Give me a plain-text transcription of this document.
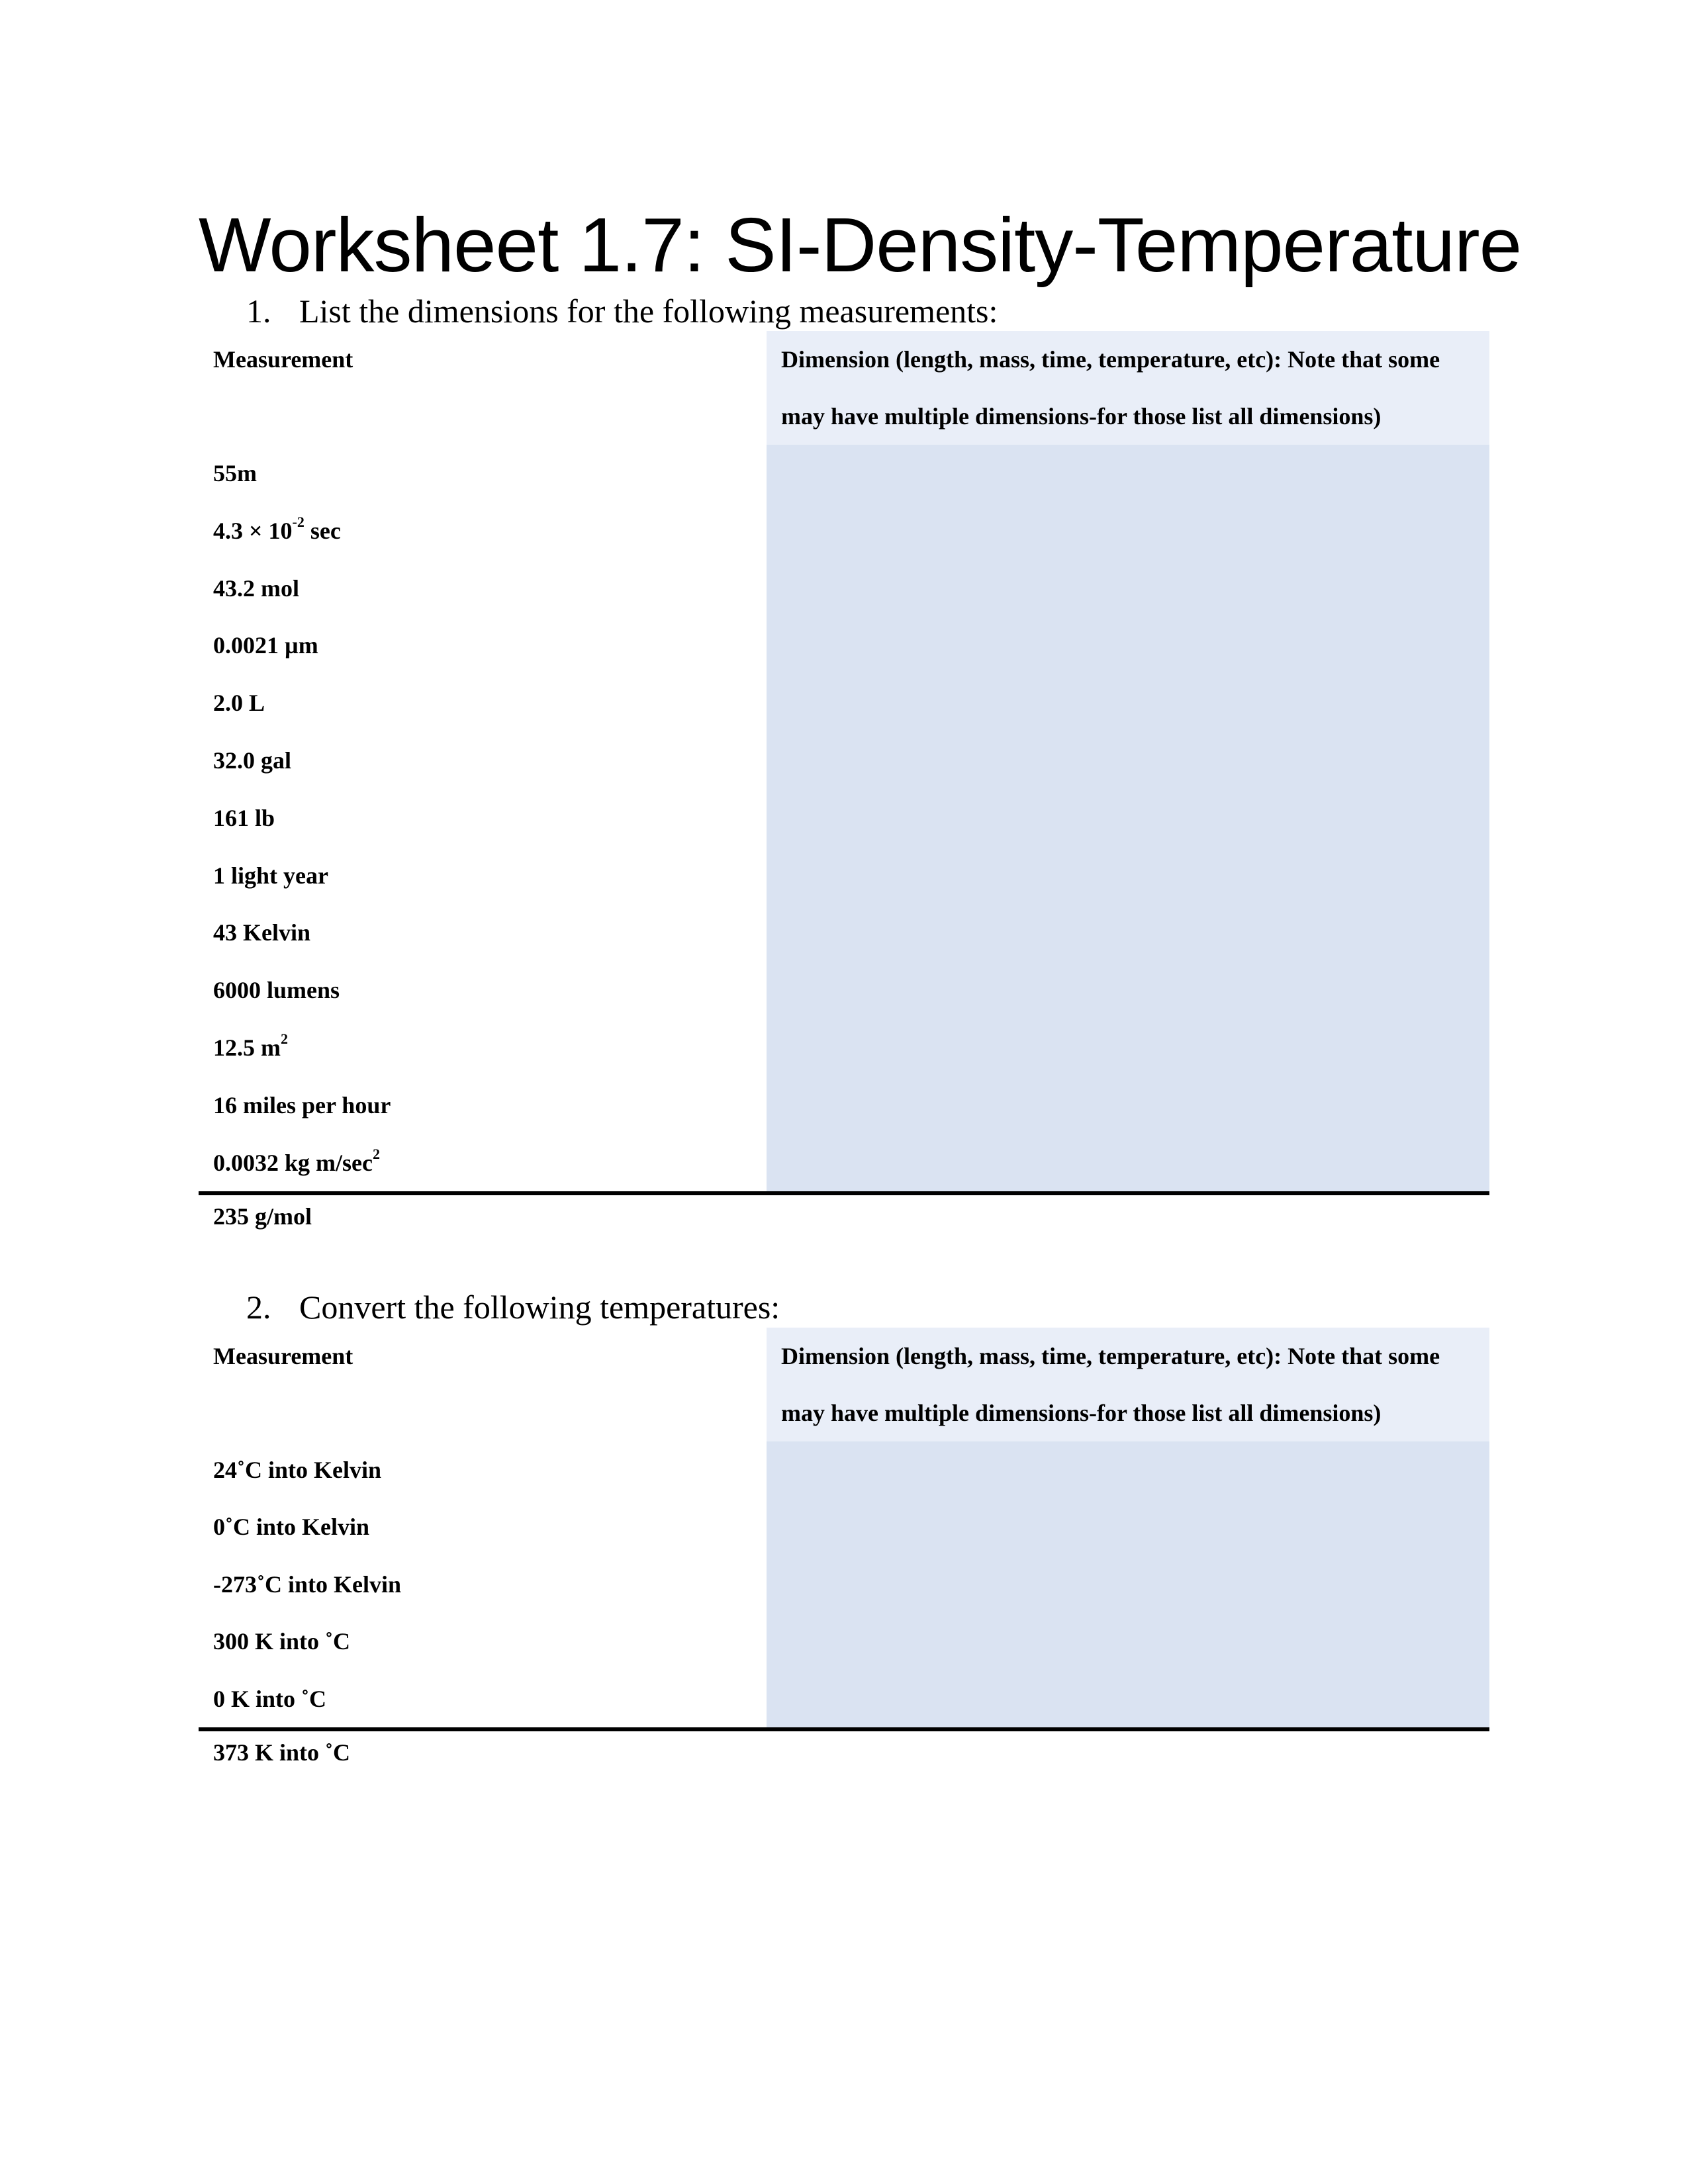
Worksheet 1.7: SI-Density-Temperature

1. List the dimensions for the following measurements:

Measurement	Dimension (length, mass, time, temperature, etc): Note that some may have multiple dimensions-for those list all dimensions)

55m
$4.3 \times 10^{-2}$ sec
43.2 mol
0.0021 µm
2.0 L
32.0 gal
161 lb
1 light year
43 Kelvin
6000 lumens
12.5 $m^2$
16 miles per hour
0.0032 kg $m/\sec^2$

235 g/mol

2. Convert the following temperatures:

Measurement	Dimension (length, mass, time, temperature, etc): Note that some may have multiple dimensions-for those list all dimensions)

24˚C into Kelvin
0˚C into Kelvin
-273˚C into Kelvin
300 K into ˚C
0 K into ˚C

373 K into ˚C
